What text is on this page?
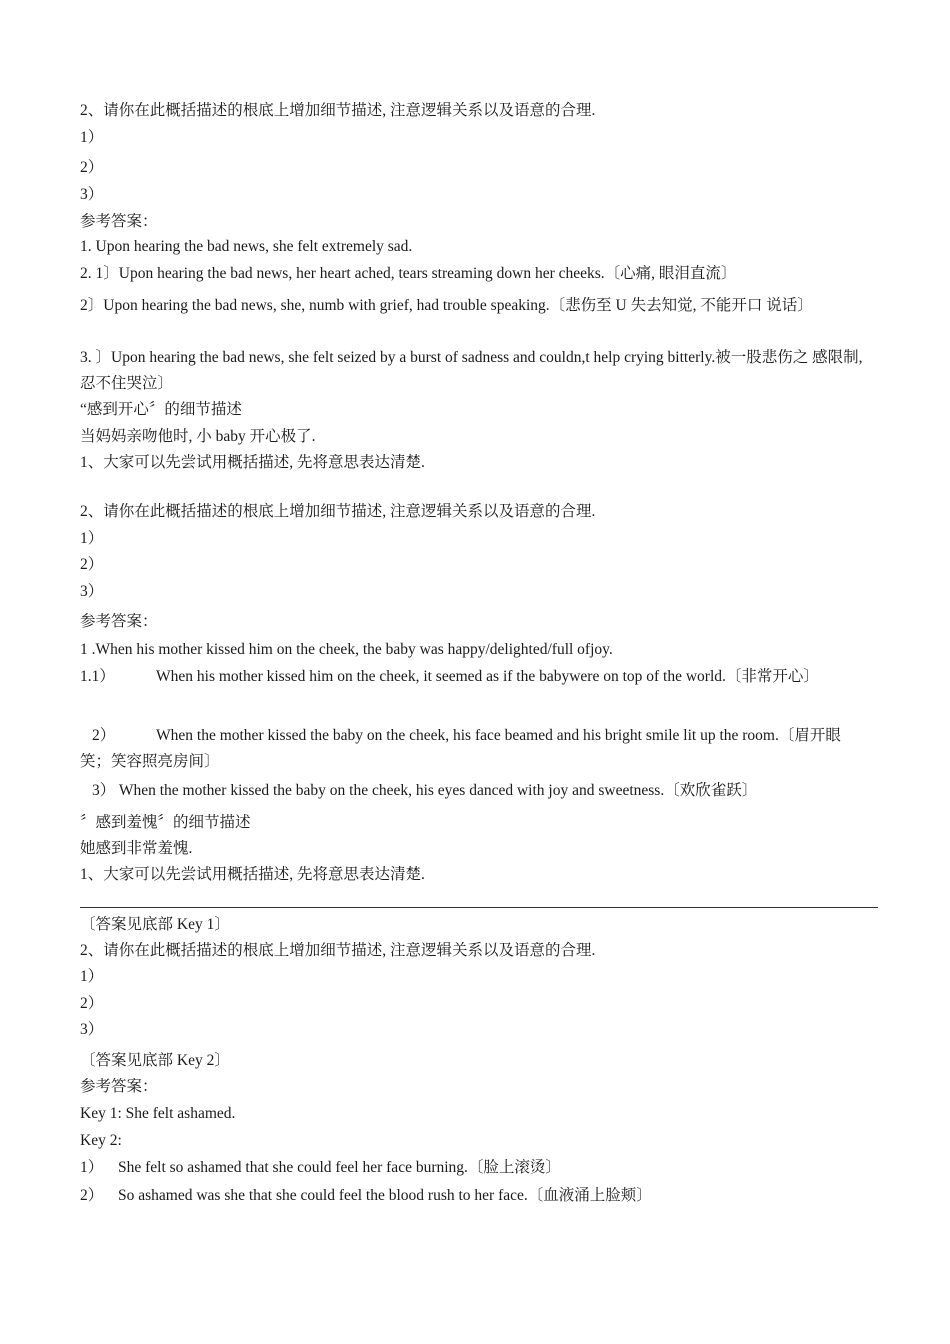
2、请你在此概括描述的根底上增加细节描述, 注意逻辑关系以及语意的合理.
1）
2）
3）
参考答案：
1. Upon hearing the bad news, she felt extremely sad.
2. 1〕Upon hearing the bad news, her heart ached, tears streaming down her cheeks.〔心痛, 眼泪直流〕
2〕Upon hearing the bad news, she, numb with grief, had trouble speaking.〔悲伤至 U 失去知觉, 不能开口 说话〕
3. 〕Upon hearing the bad news, she felt seized by a burst of sadness and couldn,t help crying bitterly.被一股悲伤之 感限制, 忍不住哭泣〕
“感到开心〞的细节描述
当妈妈亲吻他时, 小 baby 开心极了.
1、大家可以先尝试用概括描述, 先将意思表达清楚.
2、请你在此概括描述的根底上增加细节描述, 注意逻辑关系以及语意的合理.
1）
2）
3）
参考答案：
1 .When his mother kissed him on the cheek, the baby was happy/delighted/full ofjoy.
1.1）	When his mother kissed him on the cheek, it seemed as if the babywere on top of the world.〔非常开心〕
2）	When the mother kissed the baby on the cheek, his face beamed and his bright smile lit up the room.〔眉开眼 笑；笑容照亮房间〕
3） When the mother kissed the baby on the cheek, his eyes danced with joy and sweetness.〔欢欣雀跃〕
〞感到羞愧〞的细节描述
她感到非常羞愧.
1、大家可以先尝试用概括描述, 先将意思表达清楚.
〔答案见底部 Key 1〕
2、请你在此概括描述的根底上增加细节描述, 注意逻辑关系以及语意的合理.
1）
2）
3）
〔答案见底部 Key 2〕
参考答案：
Key 1: She felt ashamed.
Key 2:
1） She felt so ashamed that she could feel her face burning.〔脸上滚烫〕
2） So ashamed was she that she could feel the blood rush to her face.〔血液涌上脸颊〕
